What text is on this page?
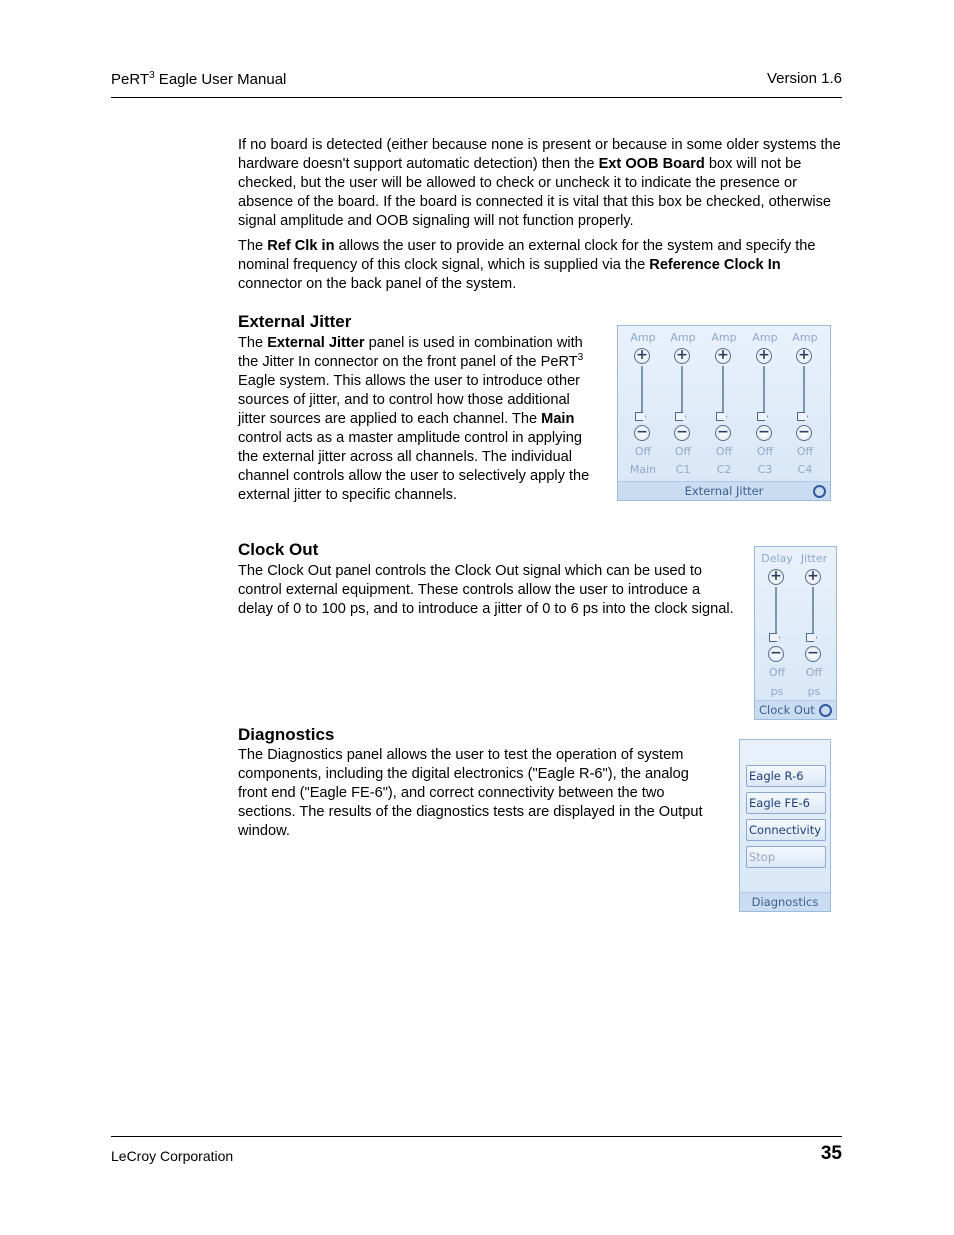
PeRT$^3$ Eagle User Manual	Version 1.6

If no board is detected (either because none is present or because in some older systems the hardware doesn't support automatic detection) then the Ext OOB Board box will not be checked, but the user will be allowed to check or uncheck it to indicate the presence or absence of the board. If the board is connected it is vital that this box be checked, otherwise signal amplitude and OOB signaling will not function properly.

The Ref Clk in allows the user to provide an external clock for the system and specify the nominal frequency of this clock signal, which is supplied via the Reference Clock In connector on the back panel of the system.

External Jitter

The External Jitter panel is used in combination with the Jitter In connector on the front panel of the PeRT$^3$ Eagle system. This allows the user to introduce other sources of jitter, and to control how those additional jitter sources are applied to each channel. The Main control acts as a master amplitude control in applying the external jitter across all channels. The individual channel controls allow the user to selectively apply the external jitter to specific channels.

Amp
+
−
Off
Main
Amp
+
−
Off
C1
Amp
+
−
Off
C2
Amp
+
−
Off
C3
Amp
+
−
Off
C4
External Jitter
Clock Out

The Clock Out panel controls the Clock Out signal which can be used to control external equipment. These controls allow the user to introduce a delay of 0 to 100 ps, and to introduce a jitter of 0 to 6 ps into the clock signal.

Delay
+
−
Off
ps
Jitter
+
−
Off
ps
Clock Out
Diagnostics

The Diagnostics panel allows the user to test the operation of system components, including the digital electronics ("Eagle R-6"), the analog front end ("Eagle FE-6"), and correct connectivity between the two sections. The results of the diagnostics tests are displayed in the Output window.

Eagle R-6
Eagle FE-6
Connectivity
Stop
Diagnostics
LeCroy Corporation	35
